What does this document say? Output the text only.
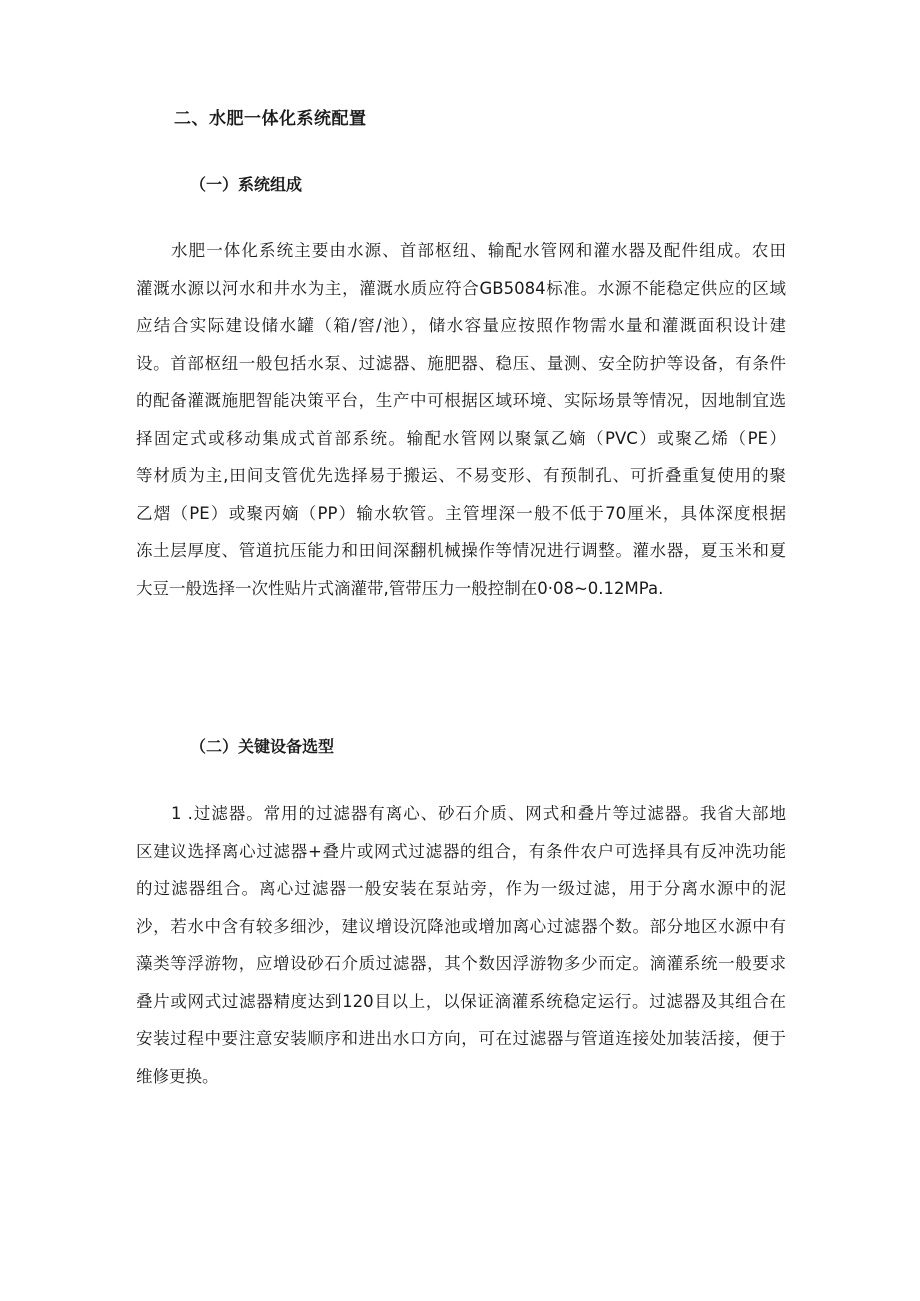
二、水肥一体化系统配置
（一）系统组成
水肥一体化系统主要由水源、首部枢纽、输配水管网和灌水器及配件组成。农田
灌溉水源以河水和井水为主，灌溉水质应符合GB5084标准。水源不能稳定供应的区域
应结合实际建设储水罐（箱/窖/池），储水容量应按照作物需水量和灌溉面积设计建
设。首部枢纽一般包括水泵、过滤器、施肥器、稳压、量测、安全防护等设备，有条件
的配备灌溉施肥智能决策平台，生产中可根据区域环境、实际场景等情况，因地制宜选
择固定式或移动集成式首部系统。输配水管网以聚氯乙嫡（PVC）或聚乙烯（PE）
等材质为主,田间支管优先选择易于搬运、不易变形、有预制孔、可折叠重复使用的聚
乙熠（PE）或聚丙嫡（PP）输水软管。主管埋深一般不低于70厘米，具体深度根据
冻土层厚度、管道抗压能力和田间深翻机械操作等情况进行调整。灌水器，夏玉米和夏
大豆一般选择一次性贴片式滴灌带,管带压力一般控制在0·08~0.12MPa.
（二）关键设备选型
1 .过滤器。常用的过滤器有离心、砂石介质、网式和叠片等过滤器。我省大部地
区建议选择离心过滤器+叠片或网式过滤器的组合，有条件农户可选择具有反冲洗功能
的过滤器组合。离心过滤器一般安装在泵站旁，作为一级过滤，用于分离水源中的泥
沙，若水中含有较多细沙，建议增设沉降池或增加离心过滤器个数。部分地区水源中有
藻类等浮游物，应增设砂石介质过滤器，其个数因浮游物多少而定。滴灌系统一般要求
叠片或网式过滤器精度达到120目以上，以保证滴灌系统稳定运行。过滤器及其组合在
安装过程中要注意安装顺序和进出水口方向，可在过滤器与管道连接处加装活接，便于
维修更换。
